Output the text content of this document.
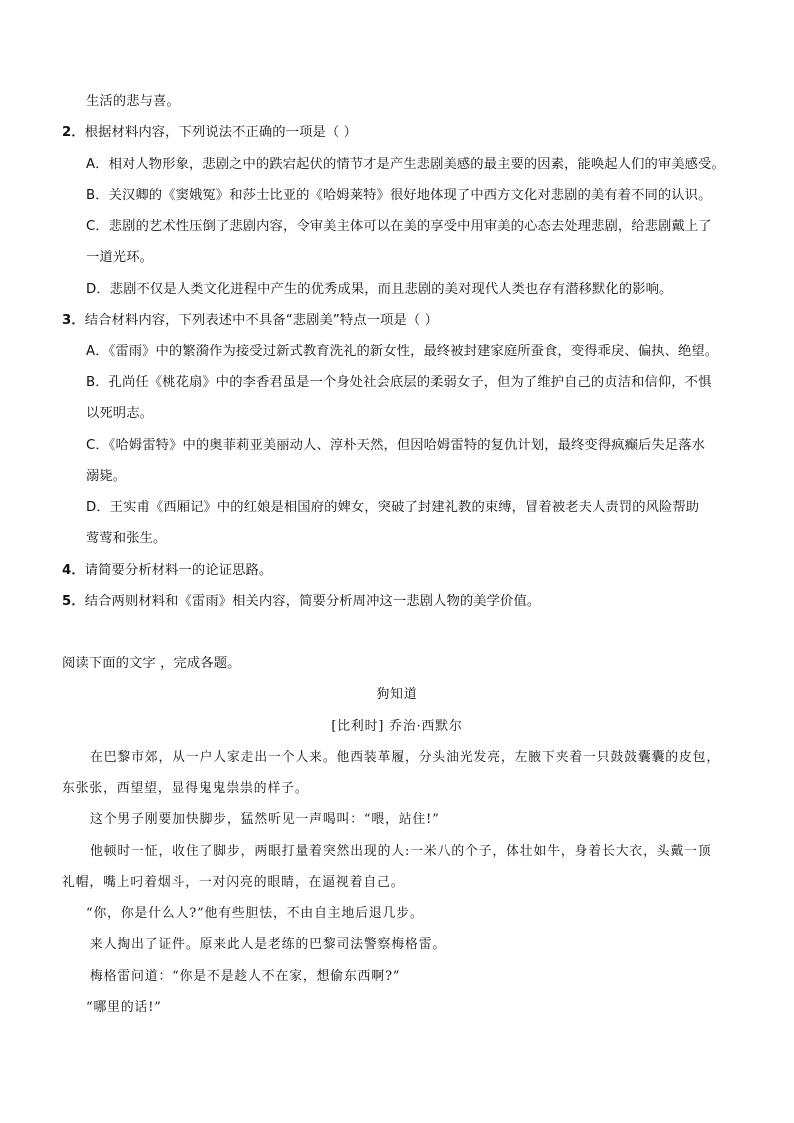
生活的悲与喜。
2．根据材料内容，下列说法不正确的一项是（ ）
A．相对人物形象，悲剧之中的跌宕起伏的情节才是产生悲剧美感的最主要的因素，能唤起人们的审美感受。
B．关汉卿的《窦娥冤》和莎士比亚的《哈姆莱特》很好地体现了中西方文化对悲剧的美有着不同的认识。
C．悲剧的艺术性压倒了悲剧内容，令审美主体可以在美的享受中用审美的心态去处理悲剧，给悲剧戴上了
一道光环。
D．悲剧不仅是人类文化进程中产生的优秀成果，而且悲剧的美对现代人类也存有潜移默化的影响。
3．结合材料内容，下列表述中不具备“悲剧美”特点一项是（ ）
A．《雷雨》中的繁漪作为接受过新式教育洗礼的新女性，最终被封建家庭所蚕食，变得乖戾、偏执、绝望。
B．孔尚任《桃花扇》中的李香君虽是一个身处社会底层的柔弱女子，但为了维护自己的贞洁和信仰，不惧
以死明志。
C．《哈姆雷特》中的奥菲莉亚美丽动人、淳朴天然，但因哈姆雷特的复仇计划，最终变得疯癫后失足落水
溺毙。
D．王实甫《西厢记》中的红娘是相国府的婢女，突破了封建礼教的束缚，冒着被老夫人责罚的风险帮助
莺莺和张生。
4．请简要分析材料一的论证思路。
5．结合两则材料和《雷雨》相关内容，简要分析周冲这一悲剧人物的美学价值。
阅读下面的文字 ，完成各题。
狗知道
[比利时] 乔治·西默尔
在巴黎市郊，从一户人家走出一个人来。他西装革履，分头油光发亮，左腋下夹着一只鼓鼓囊囊的皮包，
东张张，西望望，显得鬼鬼祟祟的样子。
这个男子刚要加快脚步，猛然听见一声喝叫：“喂，站住!”
他顿时一怔，收住了脚步，两眼打量着突然出现的人:一米八的个子，体壮如牛，身着长大衣，头戴一顶
礼帽，嘴上叼着烟斗，一对闪亮的眼睛，在逼视着自己。
“你，你是什么人?”他有些胆怯，不由自主地后退几步。
来人掏出了证件。原来此人是老练的巴黎司法警察梅格雷。
梅格雷问道：“你是不是趁人不在家，想偷东西啊?”
“哪里的话!”
